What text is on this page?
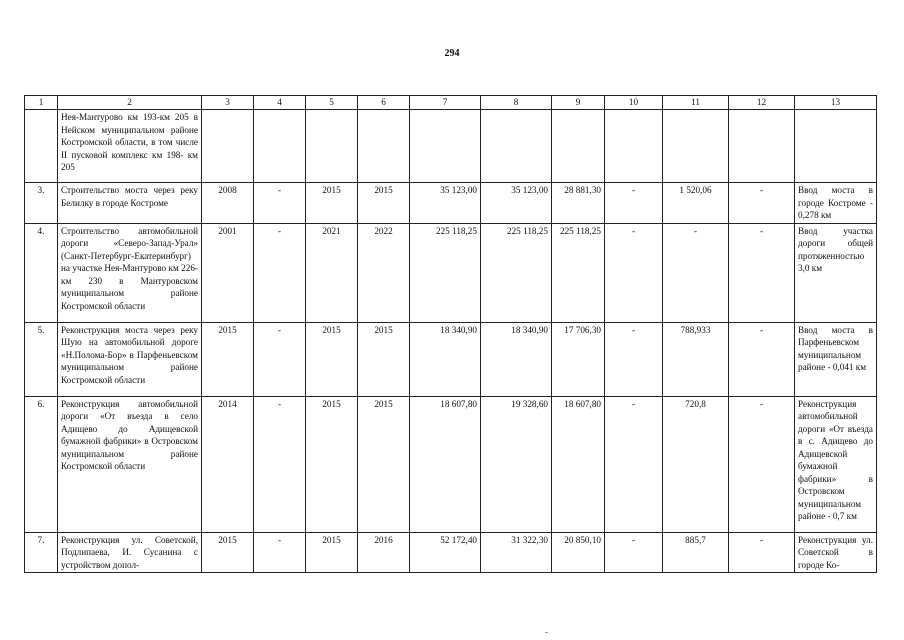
294
1	2	3	4	5	6	7	8	9	10	11	12	13
	Нея-Мантурово км 193-км 205 в Нейском муниципальном районе Костромской области, в том числе II пусковой комплекс км 198- км 205											
3.	Строительство моста через реку Белилку в городе Костроме	2008	-	2015	2015	35 123,00	35 123,00	28 881,30	-	1 520,06	-	Ввод моста в городе Костроме - 0,278 км
4.	Строительство автомобильной дороги «Северо-Запад-Урал» (Санкт-Петербург-Екатеринбург) на участке Нея-Мантурово км 226- км 230 в Мантуровском муниципальном районе Костромской области	2001	-	2021	2022	225 118,25	225 118,25	225 118,25	-	-	-	Ввод участка дороги общей протяженностью 3,0 км
5.	Реконструкция моста через реку Шую на автомобильной дороге «Н.Полома-Бор» в Парфеньевском муниципальном районе Костромской области	2015	-	2015	2015	18 340,90	18 340,90	17 706,30	-	788,933	-	Ввод моста в Парфеньевском муниципальном районе - 0,041 км
6.	Реконструкция автомобильной дороги «От въезда в село Адищево до Адищевской бумажной фабрики» в Островском муниципальном районе Костромской области	2014	-	2015	2015	18 607,80	19 328,60	18 607,80	-	720,8	-	Реконструкция автомобильной дороги «От въезда в с. Адищево до Адищевской бумажной фабрики» в Островском муниципальном районе - 0,7 км
7.	Реконструкция ул. Советской, Подлипаева, И. Сусанина с устройством допол-	2015	-	2015	2016	52 172,40	31 322,30	20 850,10	-	885,7	-	Реконструкция ул. Советской в городе Ко-
